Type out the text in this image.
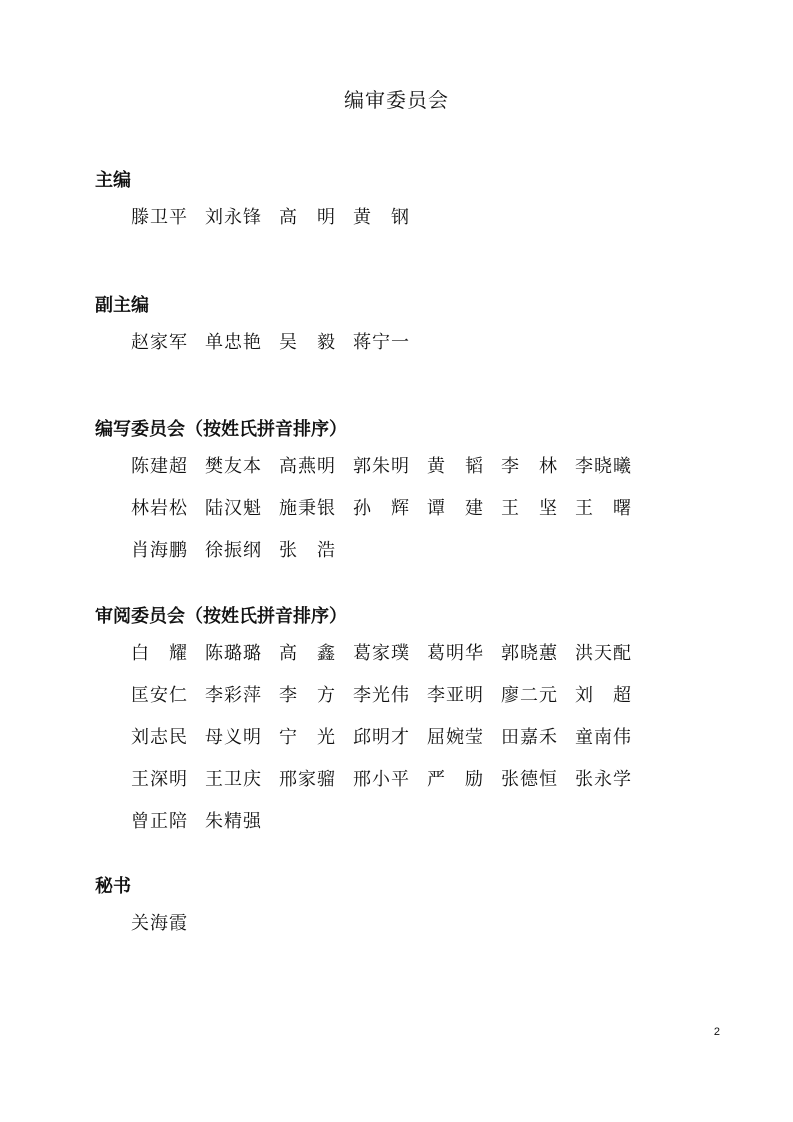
编审委员会
主编
滕卫平 刘永锋 高 明 黄 钢
副主编
赵家军 单忠艳 吴 毅 蒋宁一
编写委员会（按姓氏拼音排序）
陈建超 樊友本 高燕明 郭朱明 黄 韬 李 林 李晓曦
林岩松 陆汉魁 施秉银 孙 辉 谭 建 王 坚 王 曙
肖海鹏 徐振纲 张 浩
审阅委员会（按姓氏拼音排序）
白 耀 陈璐璐 高 鑫 葛家璞 葛明华 郭晓蕙 洪天配
匡安仁 李彩萍 李 方 李光伟 李亚明 廖二元 刘 超
刘志民 母义明 宁 光 邱明才 屈婉莹 田嘉禾 童南伟
王深明 王卫庆 邢家骝 邢小平 严 励 张德恒 张永学
曾正陪 朱精强
秘书
关海霞
2
